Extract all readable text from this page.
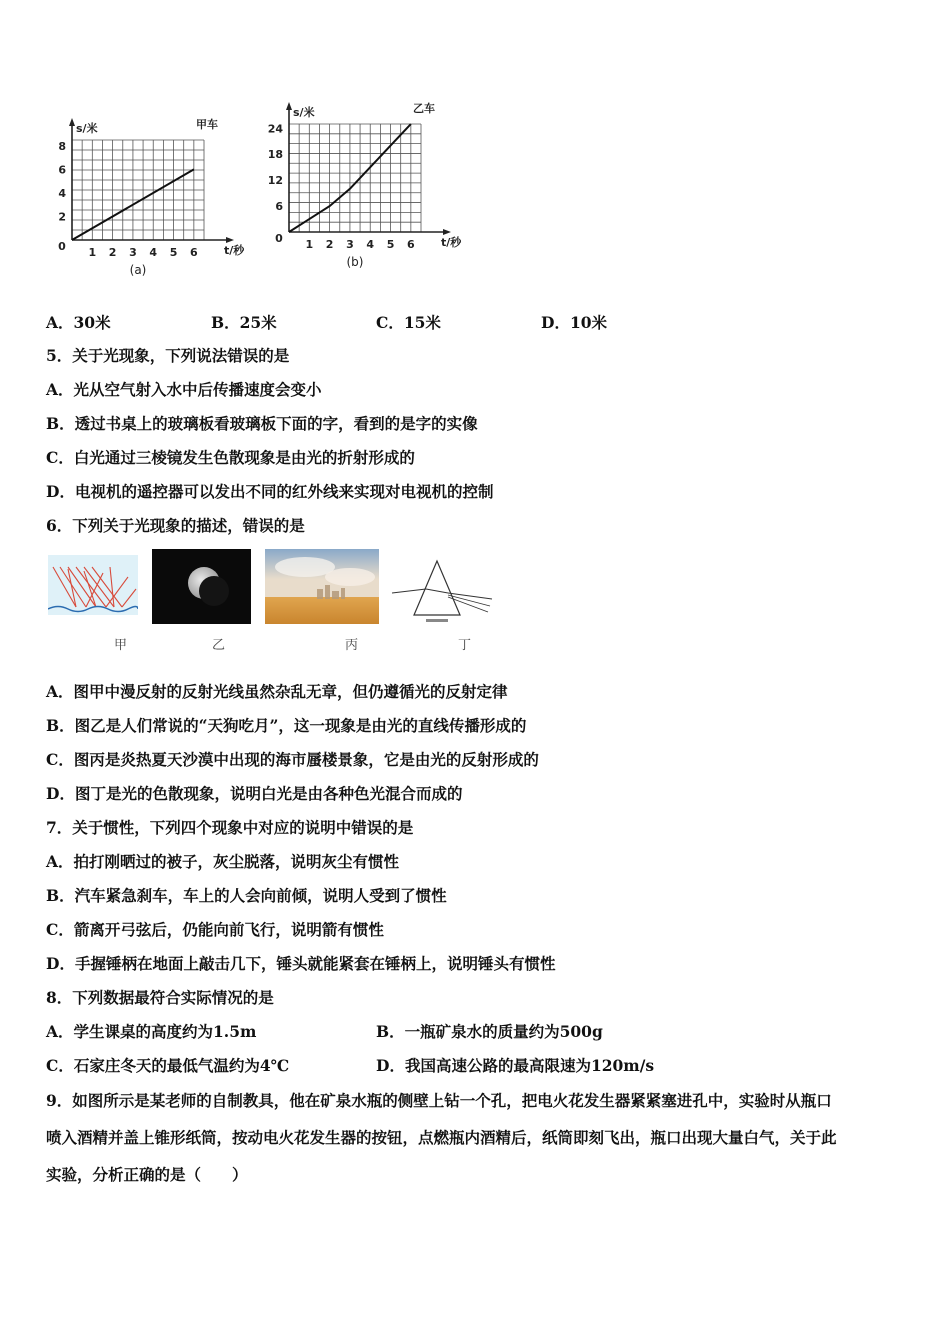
1 2 3 4 5 6
2
4
6
8
0
s/米
t/秒
甲车
(a)
1 2 3 4 5 6
6
12
18
24
0
s/米
t/秒
乙车
(b)
A．30米	B．25米	C．15米	D．10米
5．关于光现象，下列说法错误的是
A．光从空气射入水中后传播速度会变小
B．透过书桌上的玻璃板看玻璃板下面的字，看到的是字的实像
C．白光通过三棱镜发生色散现象是由光的折射形成的
D．电视机的遥控器可以发出不同的红外线来实现对电视机的控制
6．下列关于光现象的描述，错误的是
甲	乙	丙	丁
A．图甲中漫反射的反射光线虽然杂乱无章，但仍遵循光的反射定律
B．图乙是人们常说的“天狗吃月”，这一现象是由光的直线传播形成的
C．图丙是炎热夏天沙漠中出现的海市蜃楼景象，它是由光的反射形成的
D．图丁是光的色散现象，说明白光是由各种色光混合而成的
7．关于惯性，下列四个现象中对应的说明中错误的是
A．拍打刚晒过的被子，灰尘脱落，说明灰尘有惯性
B．汽车紧急刹车，车上的人会向前倾，说明人受到了惯性
C．箭离开弓弦后，仍能向前飞行，说明箭有惯性
D．手握锤柄在地面上敲击几下，锤头就能紧套在锤柄上，说明锤头有惯性
8．下列数据最符合实际情况的是
A．学生课桌的高度约为1.5m	B．一瓶矿泉水的质量约为500g
C．石家庄冬天的最低气温约为4℃	D．我国高速公路的最高限速为120m/s
9．如图所示是某老师的自制教具，他在矿泉水瓶的侧壁上钻一个孔，把电火花发生器紧紧塞进孔中，实验时从瓶口
喷入酒精并盖上锥形纸筒，按动电火花发生器的按钮，点燃瓶内酒精后，纸筒即刻飞出，瓶口出现大量白气，关于此
实验，分析正确的是（　　）
